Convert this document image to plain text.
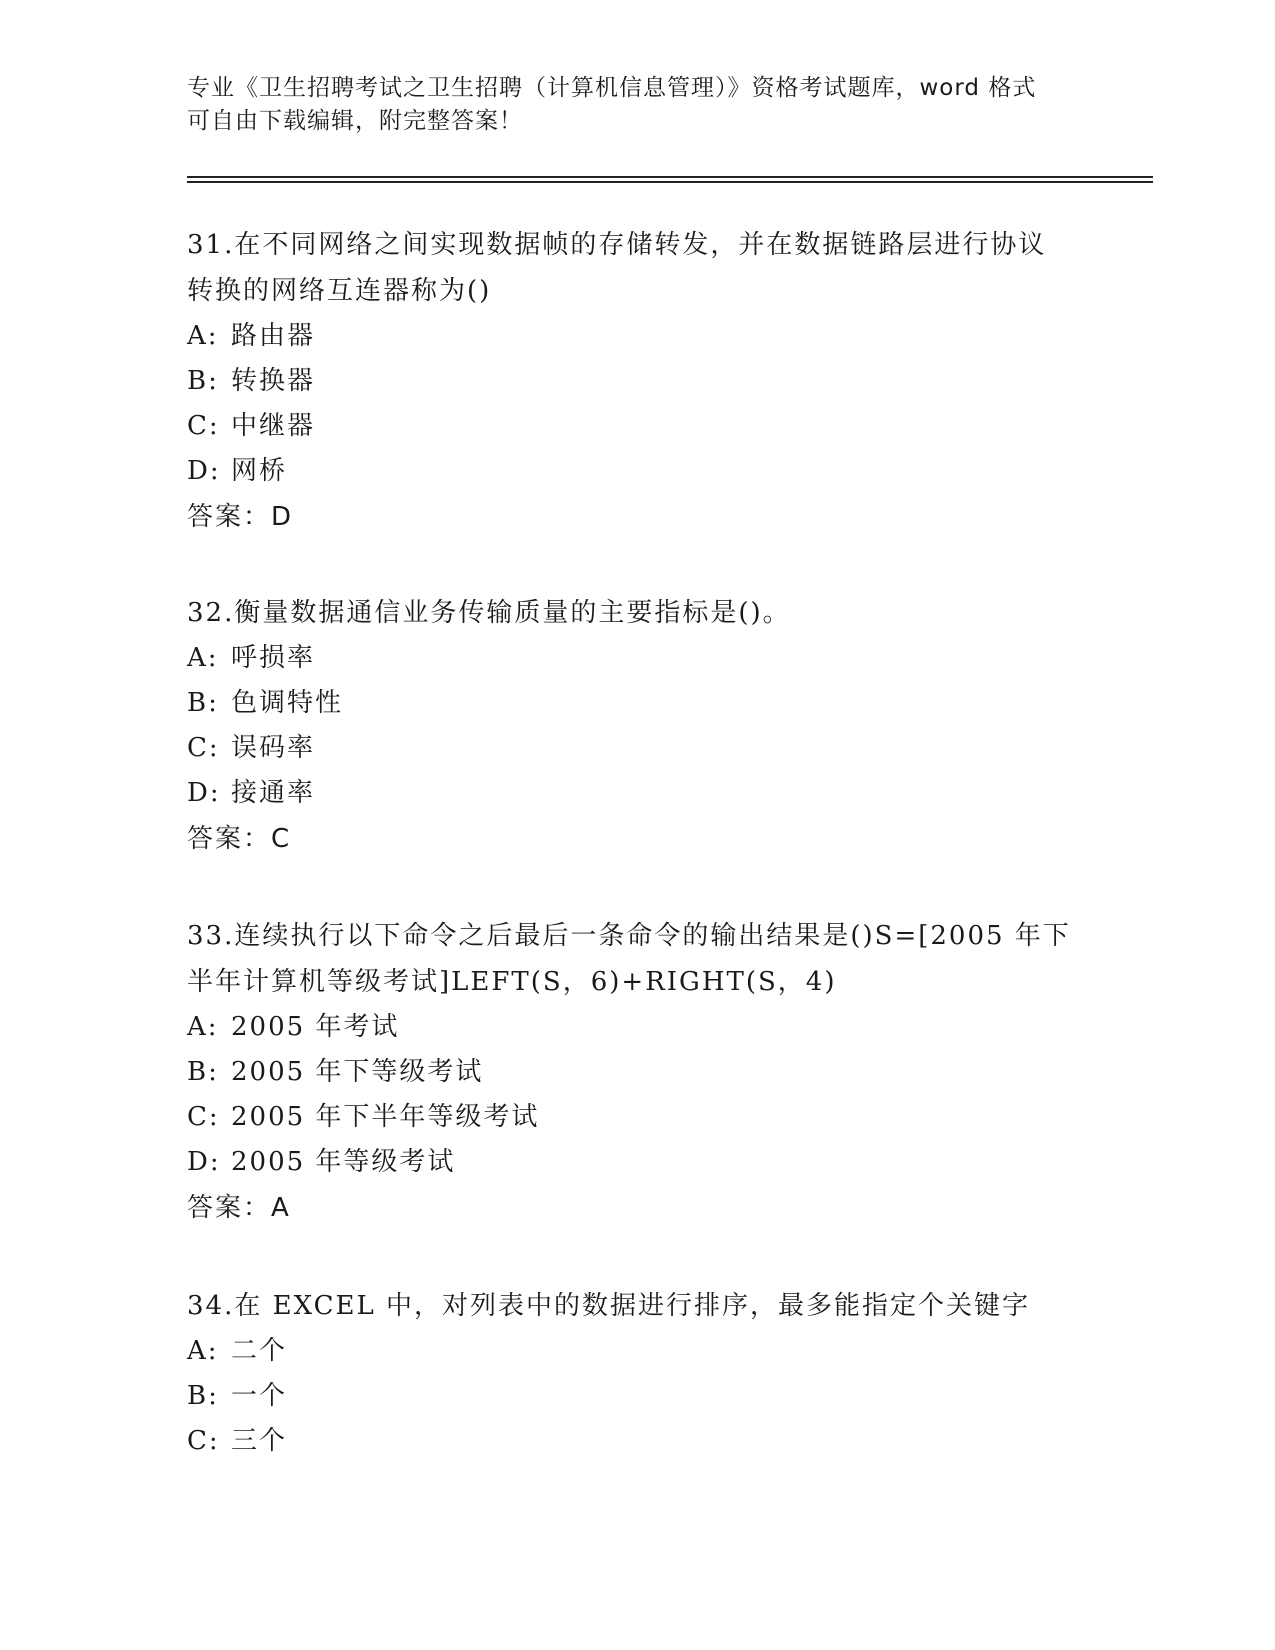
专业《卫生招聘考试之卫生招聘（计算机信息管理）》资格考试题库，word 格式
可自由下载编辑，附完整答案！
31.在不同网络之间实现数据帧的存储转发，并在数据链路层进行协议
转换的网络互连器称为()
A: 路由器
B: 转换器
C: 中继器
D: 网桥
答案：D
32.衡量数据通信业务传输质量的主要指标是()。
A: 呼损率
B: 色调特性
C: 误码率
D: 接通率
答案：C
33.连续执行以下命令之后最后一条命令的输出结果是()S=[2005 年下
半年计算机等级考试]LEFT(S，6)+RIGHT(S，4)
A: 2005 年考试
B: 2005 年下等级考试
C: 2005 年下半年等级考试
D: 2005 年等级考试
答案：A
34.在 EXCEL 中，对列表中的数据进行排序，最多能指定个关键字
A: 二个
B: 一个
C: 三个
